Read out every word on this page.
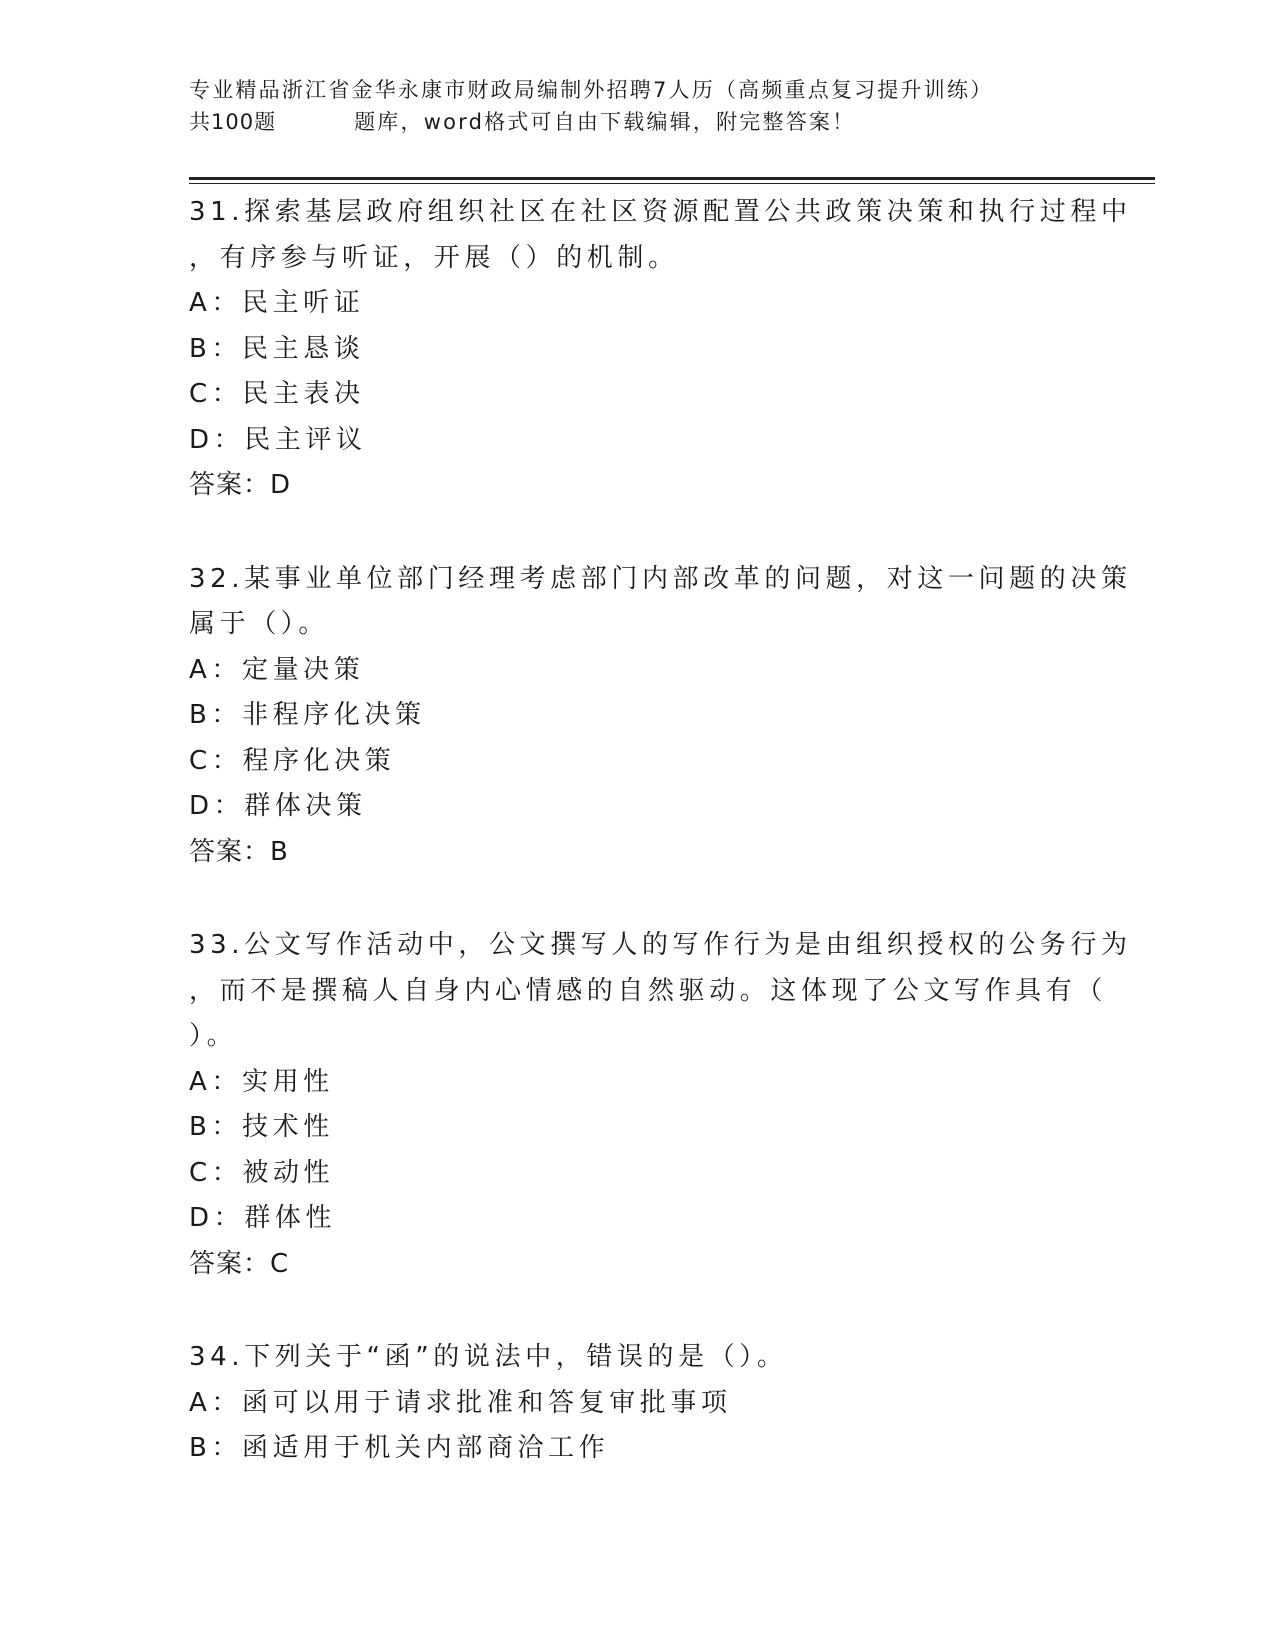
专业精品浙江省金华永康市财政局编制外招聘7人历（高频重点复习提升训练）
共100题	题库，word格式可自由下载编辑，附完整答案！
31.探索基层政府组织社区在社区资源配置公共政策决策和执行过程中
，有序参与听证，开展（）的机制。
A：民主听证
B：民主恳谈
C：民主表决
D：民主评议
答案：D
32.某事业单位部门经理考虑部门内部改革的问题，对这一问题的决策
属于（）。
A：定量决策
B：非程序化决策
C：程序化决策
D：群体决策
答案：B
33.公文写作活动中，公文撰写人的写作行为是由组织授权的公务行为
，而不是撰稿人自身内心情感的自然驱动。这体现了公文写作具有（
）。
A：实用性
B：技术性
C：被动性
D：群体性
答案：C
34.下列关于“函”的说法中，错误的是（）。
A：函可以用于请求批准和答复审批事项
B：函适用于机关内部商洽工作
